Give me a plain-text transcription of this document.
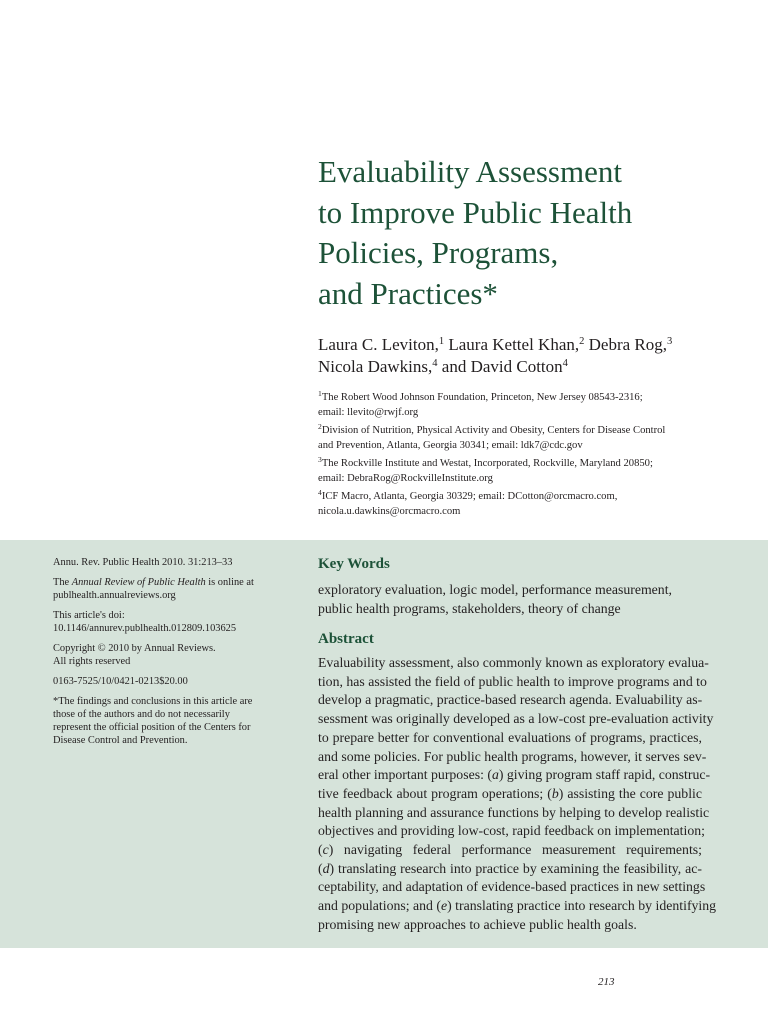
Evaluability Assessment
to Improve Public Health
Policies, Programs,
and Practices*
Laura C. Leviton,$^1$ Laura Kettel Khan,$^2$ Debra Rog,$^3$
Nicola Dawkins,$^4$ and David Cotton$^4$
$^1$The Robert Wood Johnson Foundation, Princeton, New Jersey 08543-2316;
email: llevito@rwjf.org
$^2$Division of Nutrition, Physical Activity and Obesity, Centers for Disease Control
and Prevention, Atlanta, Georgia 30341; email: ldk7@cdc.gov
$^3$The Rockville Institute and Westat, Incorporated, Rockville, Maryland 20850;
email: DebraRog@RockvilleInstitute.org
$^4$ICF Macro, Atlanta, Georgia 30329; email: DCotton@orcmacro.com,
nicola.u.dawkins@orcmacro.com
Annu. Rev. Public Health 2010. 31:213–33
The Annual Review of Public Health is online at
publhealth.annualreviews.org
This article's doi:
10.1146/annurev.publhealth.012809.103625
Copyright © 2010 by Annual Reviews.
All rights reserved
0163-7525/10/0421-0213$20.00
*The findings and conclusions in this article are
those of the authors and do not necessarily
represent the official position of the Centers for
Disease Control and Prevention.
Key Words
exploratory evaluation, logic model, performance measurement,
public health programs, stakeholders, theory of change
Abstract
Evaluability assessment, also commonly known as exploratory evalua-
tion, has assisted the field of public health to improve programs and to
develop a pragmatic, practice-based research agenda. Evaluability as-
sessment was originally developed as a low-cost pre-evaluation activity
to prepare better for conventional evaluations of programs, practices,
and some policies. For public health programs, however, it serves sev-
eral other important purposes: (a) giving program staff rapid, construc-
tive feedback about program operations; (b) assisting the core public
health planning and assurance functions by helping to develop realistic
objectives and providing low-cost, rapid feedback on implementation;
(c) navigating federal performance measurement requirements;
(d) translating research into practice by examining the feasibility, ac-
ceptability, and adaptation of evidence-based practices in new settings
and populations; and (e) translating practice into research by identifying
promising new approaches to achieve public health goals.
213
